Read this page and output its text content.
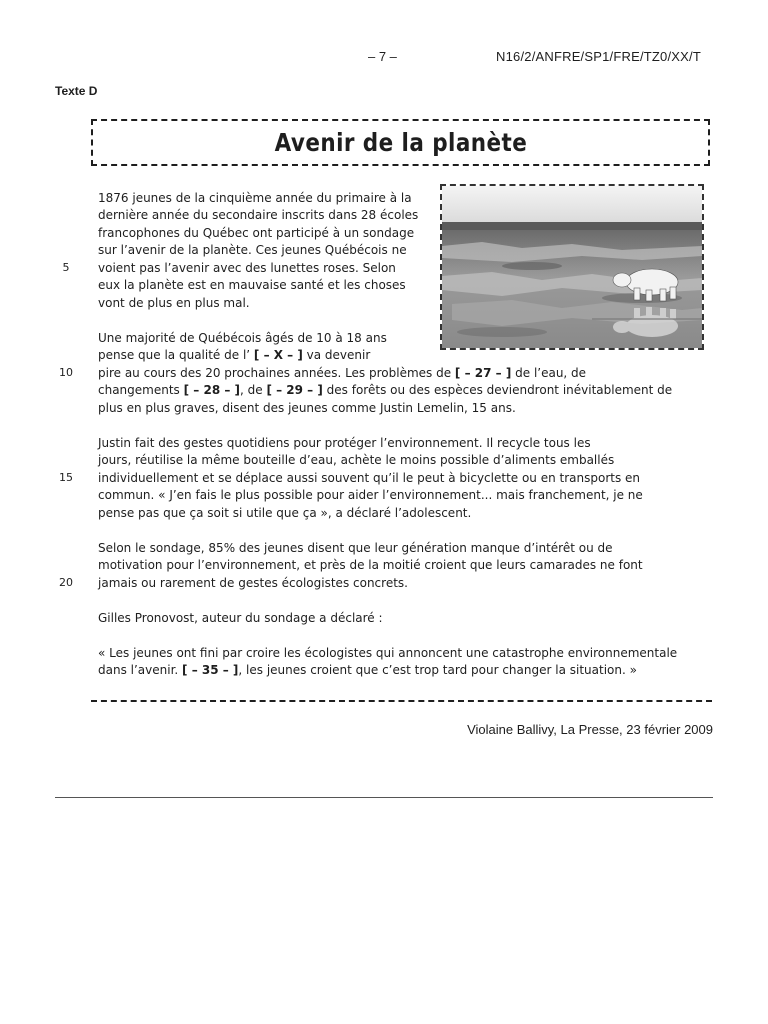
– 7 –	N16/2/ANFRE/SP1/FRE/TZ0/XX/T
Texte D
Avenir de la planète
1876 jeunes de la cinquième année du primaire à la
dernière année du secondaire inscrits dans 28 écoles
francophones du Québec ont participé à un sondage
sur l’avenir de la planète. Ces jeunes Québécois ne
voient pas l’avenir avec des lunettes roses. Selon
eux la planète est en mauvaise santé et les choses
vont de plus en plus mal.
Une majorité de Québécois âgés de 10 à 18 ans
pense que la qualité de l’ [ – X – ] va devenir
pire au cours des 20 prochaines années. Les problèmes de [ – 27 – ] de l’eau, de
changements [ – 28 – ], de [ – 29 – ] des forêts ou des espèces deviendront inévitablement de
plus en plus graves, disent des jeunes comme Justin Lemelin, 15 ans.
Justin fait des gestes quotidiens pour protéger l’environnement. Il recycle tous les
jours, réutilise la même bouteille d’eau, achète le moins possible d’aliments emballés
individuellement et se déplace aussi souvent qu’il le peut à bicyclette ou en transports en
commun. « J’en fais le plus possible pour aider l’environnement... mais franchement, je ne
pense pas que ça soit si utile que ça », a déclaré l’adolescent.
Selon le sondage, 85% des jeunes disent que leur génération manque d’intérêt ou de
motivation pour l’environnement, et près de la moitié croient que leurs camarades ne font
jamais ou rarement de gestes écologistes concrets.
Gilles Pronovost, auteur du sondage a déclaré :
« Les jeunes ont fini par croire les écologistes qui annoncent une catastrophe environnementale
dans l’avenir. [ – 35 – ], les jeunes croient que c’est trop tard pour changer la situation. »
5
10
15
20
Violaine Ballivy, La Presse, 23 février 2009
